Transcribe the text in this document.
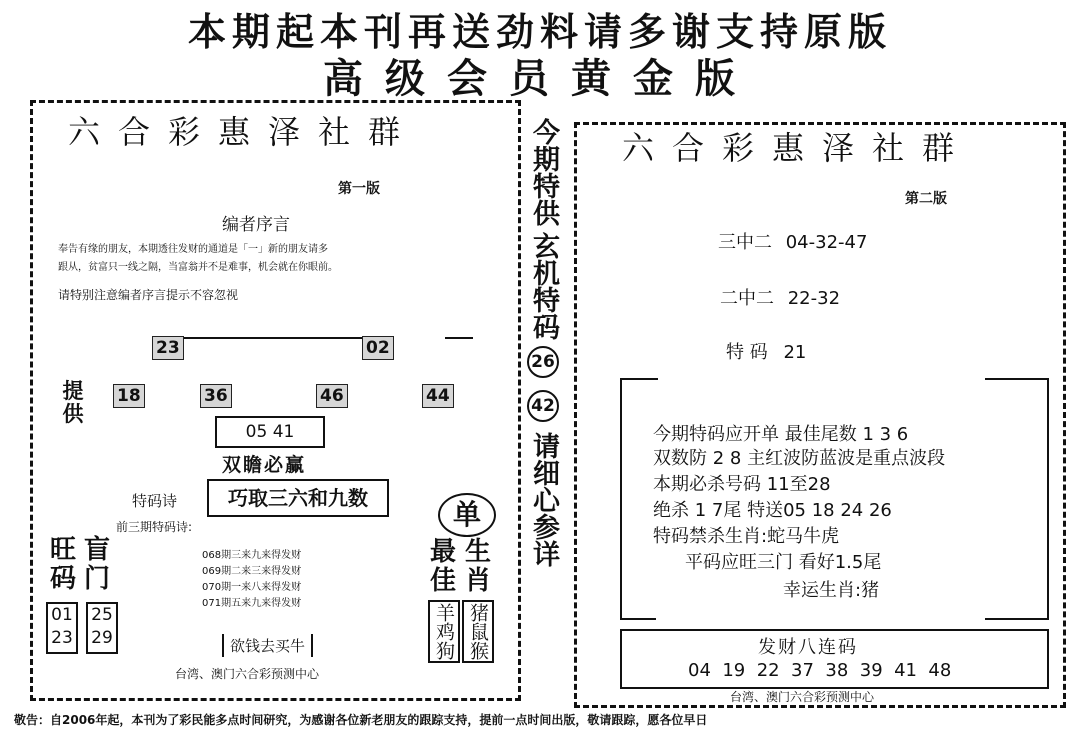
本期起本刊再送劲料请多谢支持原版
高级会员黄金版
六合彩惠泽社群
第一版
编者序言
奉告有缘的朋友，本期透往发财的通道是「一」新的朋友请多
跟从，贫富只一线之隔，当富翁并不是难事，机会就在你眼前。
请特别注意编者序言提示不容忽视
23	02
提供
18	36	46	44
05 41
双瞻必赢
特码诗	巧取三六和九数
前三期特码诗:
068期三来九来得发财
069期二来三来得发财
070期一来八来得发财
071期五来九来得发财
旺码
盲门
01
23
25
29
单
最佳
生肖
羊鸡狗 猪鼠猴
欲钱去买牛
台湾、澳门六合彩预测中心
今期特供
玄机特码
26 42
请细心参详
六合彩惠泽社群
第二版
三中二 04-32-47
二中二 22-32
特 码 21
今期特码应开单 最佳尾数 1 3 6
双数防 2 8 主红波防蓝波是重点波段
本期必杀号码 11至28
绝杀 1 7尾 特送05 18 24 26
特码禁杀生肖:蛇马牛虎
平码应旺三门 看好1.5尾
幸运生肖:猪
发财八连码
04  19  22  37  38  39  41  48
台湾、澳门六合彩预测中心
敬告：自2006年起，本刊为了彩民能多点时间研究，为感谢各位新老朋友的跟踪支持，提前一点时间出版，敬请跟踪，愿各位早日
